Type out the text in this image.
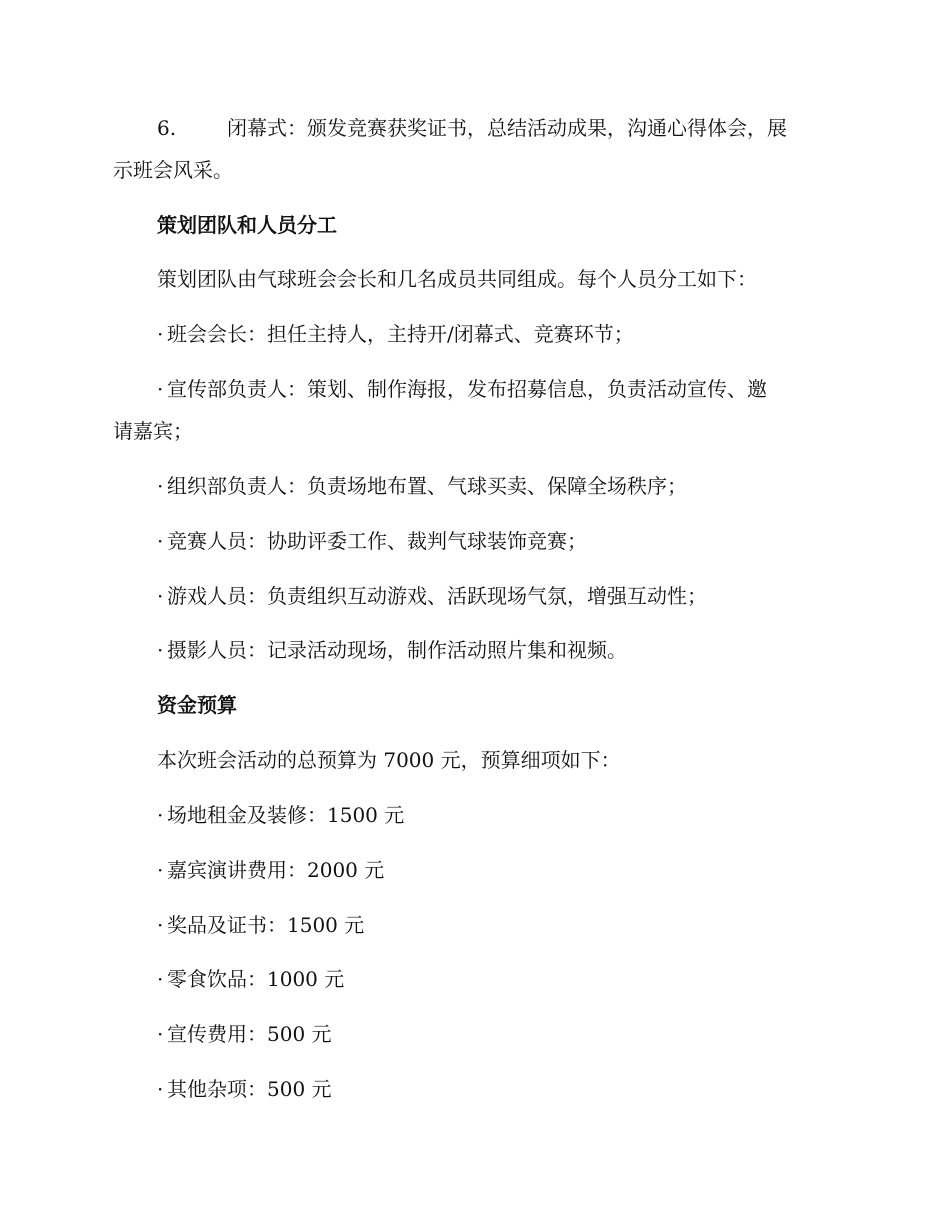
6.	闭幕式：颁发竞赛获奖证书，总结活动成果，沟通心得体会，展
示班会风采。
策划团队和人员分工
策划团队由气球班会会长和几名成员共同组成。每个人员分工如下：
· 班会会长：担任主持人，主持开/闭幕式、竞赛环节；
· 宣传部负责人：策划、制作海报，发布招募信息，负责活动宣传、邀
请嘉宾；
· 组织部负责人：负责场地布置、气球买卖、保障全场秩序；
· 竞赛人员：协助评委工作、裁判气球装饰竞赛；
· 游戏人员：负责组织互动游戏、活跃现场气氛，增强互动性；
· 摄影人员：记录活动现场，制作活动照片集和视频。
资金预算
本次班会活动的总预算为 7000 元，预算细项如下：
· 场地租金及装修：1500 元
· 嘉宾演讲费用：2000 元
· 奖品及证书：1500 元
· 零食饮品：1000 元
· 宣传费用：500 元
· 其他杂项：500 元
